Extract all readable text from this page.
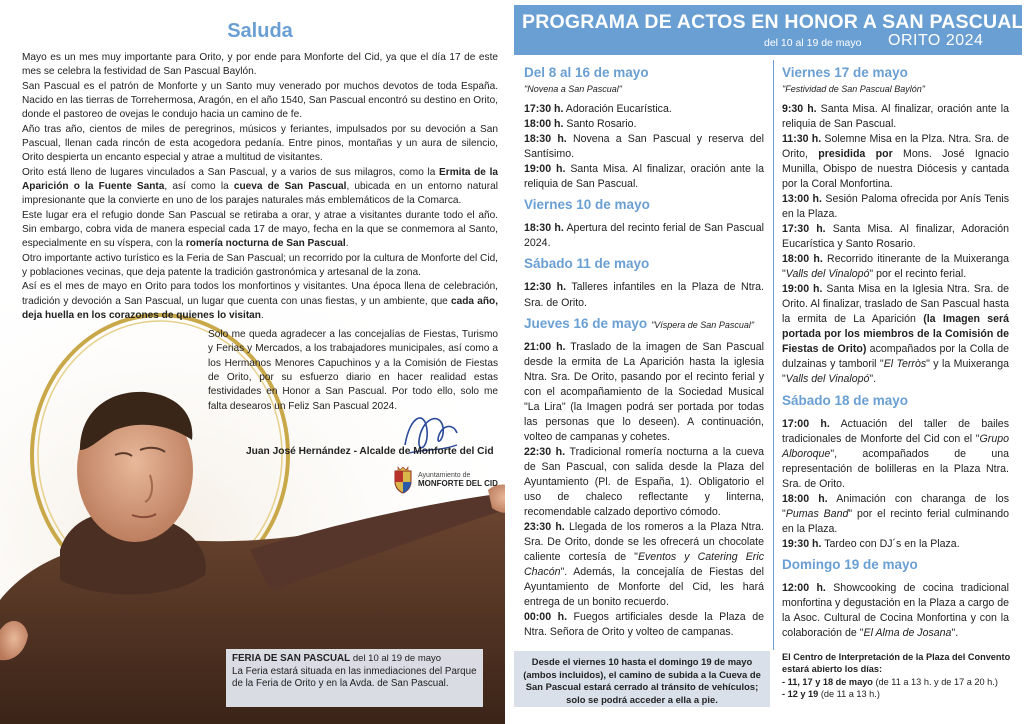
Saluda

Mayo es un mes muy importante para Orito, y por ende para Monforte del Cid, ya que el día 17 de este mes se celebra la festividad de San Pascual Baylón.

San Pascual es el patrón de Monforte y un Santo muy venerado por muchos devotos de toda España. Nacido en las tierras de Torrehermosa, Aragón, en el año 1540, San Pascual encontró su destino en Orito, donde el pastoreo de ovejas le condujo hacia un camino de fe.

Año tras año, cientos de miles de peregrinos, músicos y feriantes, impulsados por su devoción a San Pascual, llenan cada rincón de esta acogedora pedanía. Entre pinos, montañas y un aura de silencio, Orito despierta un encanto especial y atrae a multitud de visitantes.

Orito está lleno de lugares vinculados a San Pascual, y a varios de sus milagros, como la Ermita de la Aparición o la Fuente Santa, así como la cueva de San Pascual, ubicada en un entorno natural impresionante que la convierte en uno de los parajes naturales más emblemáticos de la Comarca.

Este lugar era el refugio donde San Pascual se retiraba a orar, y atrae a visitantes durante todo el año. Sin embargo, cobra vida de manera especial cada 17 de mayo, fecha en la que se conmemora al Santo, especialmente en su víspera, con la romería nocturna de San Pascual.

Otro importante activo turístico es la Feria de San Pascual; un recorrido por la cultura de Monforte del Cid, y poblaciones vecinas, que deja patente la tradición gastronómica y artesanal de la zona.

Así es el mes de mayo en Orito para todos los monfortinos y visitantes. Una época llena de celebración, tradición y devoción a San Pascual, un lugar que cuenta con unas fiestas, y un ambiente, que cada año, deja huella en los corazones de quienes lo visitan.

Solo me queda agradecer a las concejalías de Fiestas, Turismo y Ferias y Mercados, a los trabajadores municipales, así como a los Hermanos Menores Capuchinos y a la Comisión de Fiestas de Orito, por su esfuerzo diario en hacer realidad estas festividades en Honor a San Pascual. Por todo ello, solo me falta desearos un Feliz San Pascual 2024.
Juan José Hernández - Alcalde de Monforte del Cid
Ayuntamiento de
MONFORTE DEL CID
FERIA DE SAN PASCUAL del 10 al 19 de mayo
La Feria estará situada en las inmediaciones del Parque de la Feria de Orito y en la Avda. de San Pascual.
PROGRAMA DE ACTOS EN HONOR A SAN PASCUAL
del 10 al 19 de mayo ORITO 2024
Del 8 al 16 de mayo
"Novena a San Pascual"
17:30 h. Adoración Eucarística.
18:00 h. Santo Rosario.
18:30 h. Novena a San Pascual y reserva del Santísimo.
19:00 h. Santa Misa. Al finalizar, oración ante la reliquia de San Pascual.
Viernes 10 de mayo
18:30 h. Apertura del recinto ferial de San Pascual 2024.
Sábado 11 de mayo
12:30 h. Talleres infantiles en la Plaza de Ntra. Sra. de Orito.
Jueves 16 de mayo "Víspera de San Pascual"
21:00 h. Traslado de la imagen de San Pascual desde la ermita de La Aparición hasta la iglesia Ntra. Sra. De Orito, pasando por el recinto ferial y con el acompañamiento de la Sociedad Musical "La Lira" (la Imagen podrá ser portada por todas las personas que lo deseen). A continuación, volteo de campanas y cohetes.
22:30 h. Tradicional romería nocturna a la cueva de San Pascual, con salida desde la Plaza del Ayuntamiento (Pl. de España, 1). Obligatorio el uso de chaleco reflectante y linterna, recomendable calzado deportivo cómodo.
23:30 h. Llegada de los romeros a la Plaza Ntra. Sra. De Orito, donde se les ofrecerá un chocolate caliente cortesía de "Eventos y Catering Eric Chacón". Además, la concejalía de Fiestas del Ayuntamiento de Monforte del Cid, les hará entrega de un bonito recuerdo.
00:00 h. Fuegos artificiales desde la Plaza de Ntra. Señora de Orito y volteo de campanas.
Viernes 17 de mayo
"Festividad de San Pascual Baylón"
9:30 h. Santa Misa. Al finalizar, oración ante la reliquia de San Pascual.
11:30 h. Solemne Misa en la Plza. Ntra. Sra. de Orito, presidida por Mons. José Ignacio Munilla, Obispo de nuestra Diócesis y cantada por la Coral Monfortina.
13:00 h. Sesión Paloma ofrecida por Anís Tenis en la Plaza.
17:30 h. Santa Misa. Al finalizar, Adoración Eucarística y Santo Rosario.
18:00 h. Recorrido itinerante de la Muixeranga "Valls del Vinalopó" por el recinto ferial.
19:00 h. Santa Misa en la Iglesia Ntra. Sra. de Orito. Al finalizar, traslado de San Pascual hasta la ermita de La Aparición (la Imagen será portada por los miembros de la Comisión de Fiestas de Orito) acompañados por la Colla de dulzainas y tamboril "El Terròs" y la Muixeranga "Valls del Vinalopó".
Sábado 18 de mayo
17:00 h. Actuación del taller de bailes tradicionales de Monforte del Cid con el "Grupo Alboroque", acompañados de una representación de bolilleras en la Plaza Ntra. Sra. de Orito.
18:00 h. Animación con charanga de los "Pumas Band" por el recinto ferial culminando en la Plaza.
19:30 h. Tardeo con DJ´s en la Plaza.
Domingo 19 de mayo
12:00 h. Showcooking de cocina tradicional monfortina y degustación en la Plaza a cargo de la Asoc. Cultural de Cocina Monfortina y con la colaboración de "El Alma de Josana".
Desde el viernes 10 hasta el domingo 19 de mayo (ambos incluidos), el camino de subida a la Cueva de San Pascual estará cerrado al tránsito de vehículos; solo se podrá acceder a ella a pie.
El Centro de Interpretación de la Plaza del Convento estará abierto los días:
- 11, 17 y 18 de mayo (de 11 a 13 h. y de 17 a 20 h.)
- 12 y 19 (de 11 a 13 h.)
